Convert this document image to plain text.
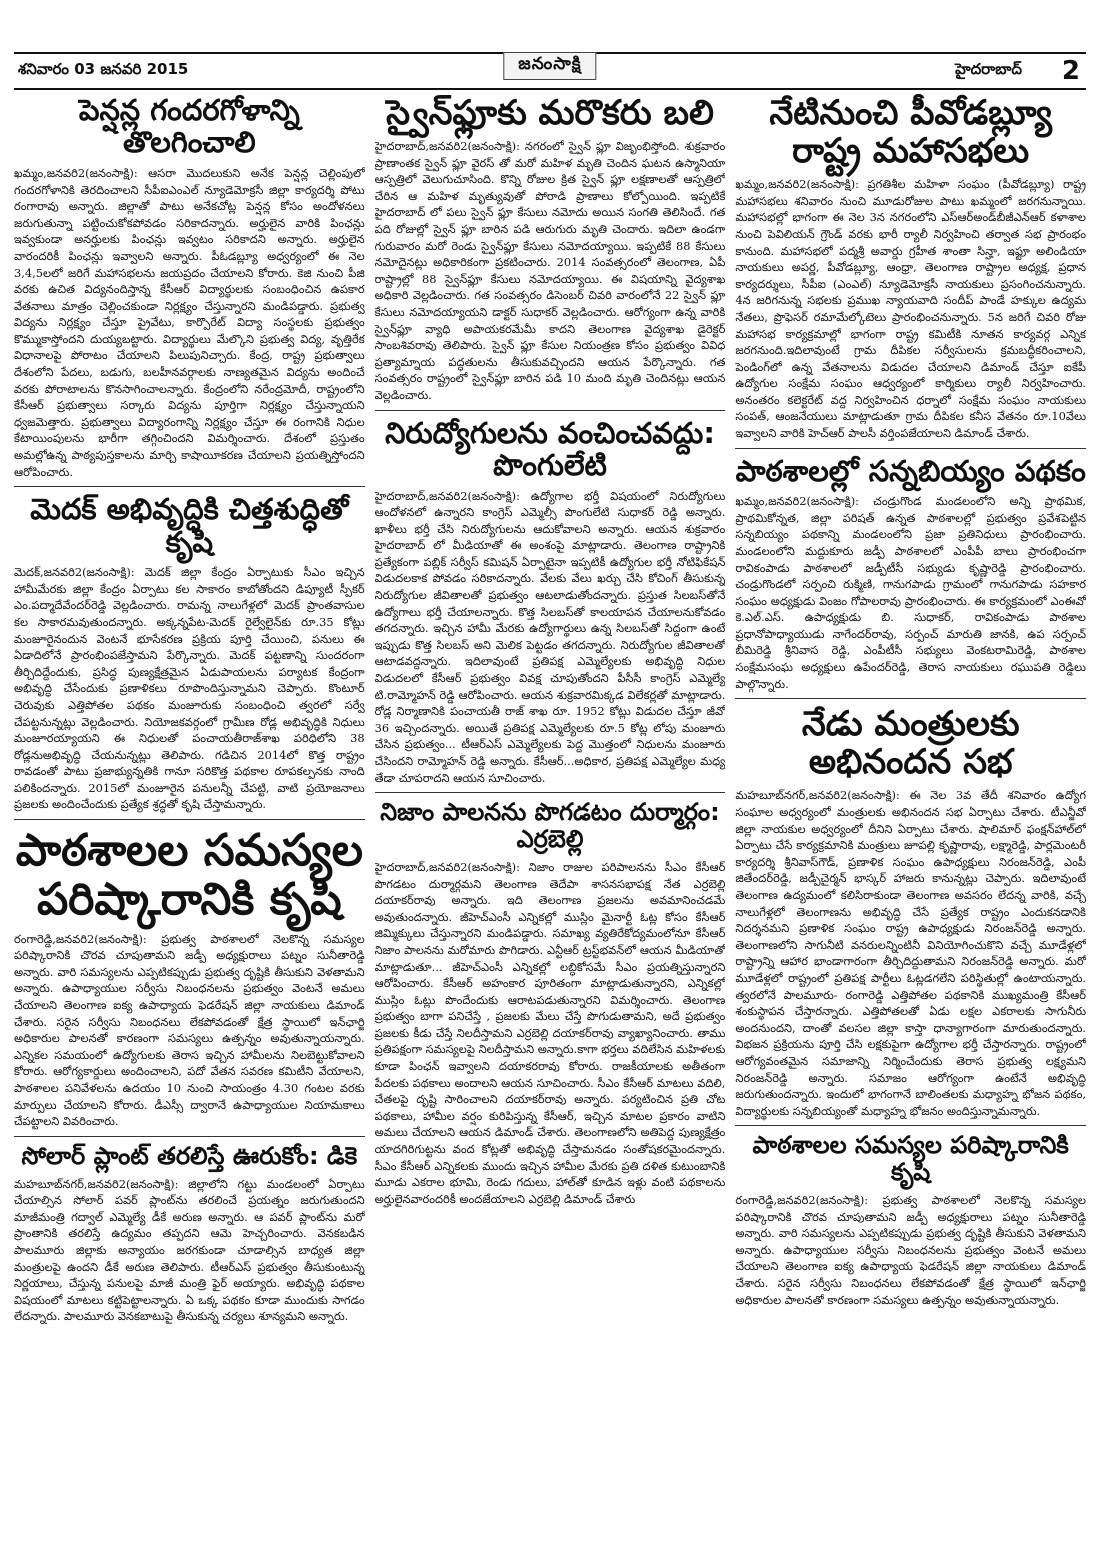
శనివారం 03 జనవరి 2015	జనంసాక్షి	హైదరాబాద్ 2
పెన్షన్ల గందరగోళాన్ని తొలగించాలి

ఖమ్మం,జనవరి2(జనంసాక్షి): ఆసరా మొదలుకుని అనేక పెన్షన్ల చెల్లింపులో గందరగోళానికి తెరదించాలని సీపీఐఎంఎల్ న్యూడెమోక్రసీ జిల్లా కార్యదర్శి పోటు రంగారావు అన్నారు. జిల్లాతో పాటు అనేకచోట్ల పెన్షన్ల కోసం అందోళనలు జరుగుతున్నా పట్టించుకోకపోవడం సరికాదన్నారు. అర్హులైన వారికి పింఛన్లు ఇవ్వకుండా అనర్హులకు పింఛన్లు ఇవ్వటం సరికాదని అన్నారు. అర్హులైన వారందరికీ పింఛన్లు ఇవ్వాలని అన్నారు. పీఓడబ్ల్యూ అధ్వర్యంలో ఈ నెల 3,4,5లలో జరిగే మహాసభలను జయప్రదం చేయాలని కోరారు. కెజి నుంచి పీజి వరకు ఉచిత విద్యనందిస్తాన్న కేసీఆర్ విద్యార్థులకు సంబంధించిన ఉపకార వేతనాలు మాత్రం చెల్లించకుండా నిర్లక్ష్యం చేస్తున్నారని మండిపడ్డారు. ప్రభుత్వ విద్యను నిర్లక్ష్యం చేస్తూ ప్రైవేటు, కార్పొరేట్ విద్యా సంస్థలకు ప్రభుత్వం కొమ్ముకాస్తోందని దుయ్యబట్టారు. విద్యార్థులు మేల్కొని ప్రభుత్వ విద్య, వృత్తిరేక విధానాలపై పోరాటం చేయాలని పిలుపునిచ్చారు. కేంద్ర, రాష్ట్ర ప్రభుత్వాలు దేశంలోని పేదలు, బడుగు, బలహీనవర్గాలకు నాణ్యతమైన విద్యను అందించే వరకు పోరాటాలను కొనసాగించాలన్నారు. కేంద్రంలోని నరేంద్రమోదీ, రాష్ట్రంలోని కేసీఆర్ ప్రభుత్వాలు సర్కారు విద్యను పూర్తిగా నిర్లక్ష్యం చేస్తున్నాయని ధ్వజమెత్తారు. ప్రభుత్వాలు విద్యారంగాన్ని నిర్లక్ష్యం చేస్తూ ఈ రంగానికి నిధుల కేటాయింపులను భారీగా తగ్గించిందని విమర్శించారు. దేశంలో ప్రస్తుతం అమల్లోఉన్న పాఠ్యపుస్తకాలను మార్చి కాషాయీకరణ చేయాలని ప్రయత్నిస్తోందని ఆరోపించారు.

మెదక్ అభివృద్ధికి చిత్తశుద్ధితో కృషి

మెదక్,జనవరి2(జనంసాక్షి): మెదక్ జిల్లా కేంద్రం ఏర్పాటుకు సీఎం ఇచ్చిన హామీమేరకు జిల్లా కేంద్రం ఏర్పాటు కల సాకారం కాబోతోందని డిప్యూటీ స్పీకర్ ఎం.పద్మాదేవేందర్‌రెడ్డి వెల్లడించారు. రామన్న నాలుగేళ్లలో మెదక్ ప్రాంతవాసుల కల సాకారమవుతుందన్నారు. అక్కన్నపేట-మెదక్ రైల్వేలైన్‌కు రూ.35 కోట్లు మంజూరైనందున వెంటనే భూసేకరణ ప్రక్రియ పూర్తి చేయించి, పనులు ఈ ఏడాదిలోనే ప్రారంభింపజేస్తామని పేర్కొన్నారు. మెదక్ పట్టణాన్ని సుందరంగా తీర్చిదిద్దేందుకు, ప్రసిద్ధ పుణ్యక్షేత్రమైన ఏడుపాయలను పర్యాటక కేంద్రంగా అభివృద్ధి చేసేందుకు ప్రణాళికలు రూపొందిస్తున్నామని చెప్పారు. కొంటూర్ చెరువుకు ఎత్తిపోతల పథకం మంజూరుకు సంబంధించి త్వరలో సర్వే చేపట్టనున్నట్లు వెల్లడించారు. నియోజకవర్గంలో గ్రామీణ రోడ్ల అభివృద్ధికి నిధులు మంజూరయ్యాయని ఈ నిధులతో పంచాయతీరాజ్‌శాఖ పరిధిలోని 38 రోడ్లనుఅభివృద్ధి చేయనున్నట్లు తెలిపారు. గడిచిన 2014లో కొత్త రాష్ట్రం రావడంతో పాటు ప్రజాభ్యున్నతికి గానూ సరికొత్త పథకాల రూపకల్పనకు నాంది పలికిందన్నారు. 2015లో మంజూరైన పనులన్నీ చేపట్టి, వాటి ప్రయోజనాలు ప్రజలకు అందించేందుకు ప్రత్యేక శ్రద్ధతో కృషి చేస్తామన్నారు.

పాఠశాలల సమస్యల పరిష్కారానికి కృషి

రంగారెడ్డి,జనవరి2(జనంసాక్షి): ప్రభుత్వ పాఠశాలలో నెలకొన్న సమస్యల పరిష్కారానికి చొరవ చూపుతామని జడ్పీ అధ్యక్షురాలు పట్నం సునీతారెడ్డి అన్నారు. వారి సమస్యలను ఎప్పటికప్పుడు ప్రభుత్వ దృష్టికి తీసుకుని వెళతామని అన్నారు. ఉపాధ్యాయుల సర్వీసు నిబంధనలను ప్రభుత్వం వెంటనే అమలు చేయాలని తెలంగాణ ఐక్య ఉపాధ్యాయ ఫెడరేషన్ జిల్లా నాయకులు డిమాండ్ చేశారు. సరైన సర్వీసు నిబంధనలు లేకపోవడంతో క్షేత్ర స్థాయిలో ఇన్‌ఛార్జి అధికారుల పాలనతో కారణంగా సమస్యలు ఉత్పన్నం అవుతున్నాయన్నారు. ఎన్నికల సమయంలో ఉద్యోగులకు తెరాస ఇచ్చిన హామీలను నిలబెట్టుకోవాలని కోరారు. ఆరోగ్యకార్డులు అందించాలని, పదో వేతన సవరణ కమిటీని వేయాలని, పాఠశాలల పనివేళలను ఉదయం 10 నుంచి సాయంత్రం 4.30 గంటల వరకు మార్పులు చేయాలని కోరారు. డీఎస్సీ ద్వారానే ఉపాధ్యాయుల నియామకాలు చేపట్టాలని వివరించారు.

సోలార్ ప్లాంట్ తరలిస్తే ఊరుకోం: డికె

మహబూబ్‌నగర్,జనవరి2(జనంసాక్షి): జిల్లాలోని గట్టు మండలంలో ఏర్పాటు చేయాల్సిన సోలార్ పవర్ ప్లాంట్‌ను తరలించే ప్రయత్నం జరుగుతుందని మాజీమంత్రి గద్వాల్ ఎమ్మెల్యే డీకే అరుణ అన్నారు. ఆ పవర్ ప్లాంట్‌ను మరో ప్రాంతానికి తరలిస్తే ఉద్యమం తప్పదని ఆమె హెచ్చరించారు. వెనకబడిన పాలమూరు జిల్లాకు అన్యాయం జరగకుండా చూడాల్సిన బాధ్యత జిల్లా మంత్రులపై ఉందని డీకే అరుణ తెలిపారు. టీఆర్‌ఎస్ ప్రభుత్వం తీసుకుంటున్న నిర్ణయాలు, చేస్తున్న పనులపై మాజీ మంత్రి ఫైర్ అయ్యారు. అభివృద్ధి పథకాల విషయంలో మాటలు కట్టిపెట్టాలన్నారు. ఏ ఒక్క పథకం కూడా ముందుకు సాగడం లేదన్నారు. పాలమూరు వెనకబాటుపై తీసుకున్న చర్యలు శూన్యమని అన్నారు.

స్వైన్‌ఫ్లూకు మరొకరు బలి

హైదరాబాద్,జనవరి2(జనంసాక్షి): నగరంలో స్వైన్ ఫ్లూ విజృంభిస్తోంది. శుక్రవారం ప్రాణాంతక స్వైన్ ఫ్లూ వైరస్ తో మరో మహిళ మృతి చెందిన ఘటన ఉస్మానియా ఆస్పత్రిలో వెలుగుచూసింది. కొన్ని రోజుల క్రిత స్వైన్ ఫ్లూ లక్షణాలతో ఆస్పత్రిలో చేరిన ఆ మహిళ మృత్యువుతో పోరాడి ప్రాణాలు కోల్పోయింది. ఇప్పటికే హైదరాబాద్ లో పలు స్వైన్ ఫ్లూ కేసులు నమోదు అయిన సంగతి తెలిసిందే. గత పది రోజుల్లో స్వైన్ ఫ్లూ బారిన పడి ఆరుగురు మృతి చెందారు. ఇదిలా ఉండగా గురువారం మరో రెండు స్వైన్‌ఫ్లూ కేసులు నమోదయ్యాయి. ఇప్పటికే 88 కేసులు నమోదైనట్లు అధికారికంగా ప్రకటించారు. 2014 సంవత్సరంలో తెలంగాణ, ఏపీ రాష్ట్రాల్లో 88 స్వైన్‌ఫ్లూ కేసులు నమోదయ్యాయి. ఈ విషయాన్ని వైద్యశాఖ అధికారి వెల్లడించారు. గత సంవత్సరం డిసెంబర్ చివరి వారంలోనే 22 స్వైన్ ఫ్లూ కేసులు నమోదయ్యాయని డాక్టర్ సుధాకర్ వెల్లడించారు. ఆరోగ్యంగా ఉన్న వారికి స్వైన్‌ఫ్లూ వ్యాధి అపాయకరమేమీ కాదని తెలంగాణ వైద్యశాఖ డైరెక్టర్ సాంబశివరావు తెలిపారు. స్వైన్ ఫ్లూ కేసుల నియంత్రణ కోసం ప్రభుత్వం వివిధ ప్రత్యామ్నాయ పద్ధతులను తీసుకువచ్చిందని ఆయన పేర్కొన్నారు. గత సంవత్సరం రాష్ట్రంలో స్వైన్‌ఫ్లూ బారిన పడి 10 మంది మృతి చెందినట్లు ఆయన వెల్లడించారు.

నిరుద్యోగులను వంచించవద్దు: పొంగులేటి

హైదరాబాద్,జనవరి2(జనంసాక్షి): ఉద్యోగాల భర్తీ విషయంలో నిరుద్యోగులు ఆందోళనలో ఉన్నారని కాంగ్రెస్ ఎమ్మెల్సీ పొంగులేటి సుధాకర్ రెడ్డి అన్నారు. ఖాళీలు భర్తీ చేసి నిరుద్యోగులను ఆదుకోవాలని అన్నారు. ఆయన శుక్రవారం హైదరాబాద్ లో మీడియాతో ఈ అంశంపై మాట్లాడారు. తెలంగాణ రాష్ట్రానికి ప్రత్యేకంగా పబ్లిక్ సర్వీస్ కమిషన్ ఏర్పాటైనా ఇప్పటికీ ఉద్యోగుల భర్తీ నోటిఫికేషన్ విడుదలకాక పోవడం సరికాదన్నారు. వేలకు వేలు ఖర్చు చేసి కోచింగ్ తీసుకున్న నిరుద్యోగుల జీవితాలతో ప్రభుత్వం ఆటలాడుతోందన్నారు. ప్రస్తుత సిలబస్‌తోనే ఉద్యోగాలు భర్తీ చేయాలన్నారు. కొత్త సిలబస్‌తో కాలయాపన చేయాలనుకోవడం తగదన్నారు. ఇచ్చిన హామీ మేరకు ఉద్యోగార్థులు ఉన్న సిలబస్‌తో సిద్దంగా ఉంటే ఇప్పుడు కొత్త సిలబస్ అని మెలిక పెట్టడం తగదన్నారు. నిరుద్యోగుల జీవితాలతో ఆటాడవద్దన్నారు. ఇదిలావుంటే ప్రతిపక్ష ఎమ్మెల్యేలకు అభివృద్ధి నిధుల విడుదలలో కేసీఆర్ ప్రభుత్వం వివక్ష చూపుతోందని పీసీసీ కాంగ్రెస్ ఎమ్మెల్యే టి.రామ్మోహన్ రెడ్డి ఆరోపించారు. ఆయన శుక్రవారమిక్కడ విలేకర్లతో మాట్లాడారు. రోడ్ల నిర్మాణానికి పంచాయతీ రాజ్ శాఖ రూ. 1952 కోట్లు విడుదల చేస్తూ జీవో 36 ఇచ్చిందన్నారు. అయితే ప్రతిపక్ష ఎమ్మెల్యేలకు రూ.5 కోట్ల లోపు మంజూరు చేసిన ప్రభుత్వం... టీఆర్‌ఎస్ ఎమ్మెల్యేలకు పెద్ద మొత్తంలో నిధులను మంజూరు చేసిందని రామ్మోహన్ రెడ్డి అన్నారు. కేసీఆర్...అధికార, ప్రతిపక్ష ఎమ్మెల్యేల మధ్య తేడా చూపరాదని ఆయన సూచించారు.

నిజాం పాలనను పొగడటం దుర్మార్గం: ఎర్రబెల్లి

హైదరాబాద్,జనవరి2(జనంసాక్షి): నిజాం రాజుల పరిపాలనను సీఎం కేసీఆర్ పొగడటం దుర్మార్గమని తెలంగాణ తెదేపా శాసనసభాపక్ష నేత ఎర్రబెల్లి దయాకర్‌రావు అన్నారు. ఇది తెలంగాణ ప్రజలను అవమానించడమే అవుతుందన్నారు. జీహెచ్ఎంసీ ఎన్నికల్లో ముస్లిం మైనార్టీ ఓట్ల కోసం కేసీఆర్ జిమ్మిక్కులు చేస్తున్నారని మండిపడ్డారు. సమాఖ్య వ్యతిరేకోద్యమంలోనూ కేసీఆర్ నిజాం పాలనను మరోమారు పొగిడారు. ఎన్టీఆర్ ట్రస్ట్‌భవన్‌లో ఆయన మీడియాతో మాట్లాడుతూ... జీహెచ్ఎంసీ ఎన్నికల్లో లబ్ధికోసమే సీఎం ప్రయత్నిస్తున్నారని ఆరోపించారు. కేసీఆర్ అహంకార పూరితంగా మాట్లాడుతున్నారని, ఎన్నికల్లో ముస్లిం ఓట్లు పొందేందుకు ఆరాటపడుతున్నారని విమర్శించారు. తెలంగాణ ప్రభుత్వం బాగా పనిచేస్తే , ప్రజలకు మేలు చేస్తే పొగుడుతామని, అదే ప్రభుత్వం ప్రజలకు కీడు చేస్తే నిలదీస్తామని ఎర్రబెల్లి దయాకర్‌రావు వ్యాఖ్యానించారు. తాము ప్రతిపక్షంగా సమస్యలపై నిలదీస్తామని అన్నారు.కాగా భర్తలు వదిలేసిన మహిళలకు కూడా పింఛన్ ఇవ్వాలని దయాకరరావు కోరారు. రాజకీయాలకు అతీతంగా పేదలకు పథకాలు అందాలని ఆయన సూచించారు. సీఎం కేసీఆర్ మాటలు వదిలి, చేతలపై దృష్టి సారించాలని దయాకర్‌రావు అన్నారు. పర్యటించిన ప్రతి చోట పథకాలు, హామీల వర్షం కురిపిస్తున్న కేసీఆర్, ఇచ్చిన మాటల ప్రకారం వాటిని అమలు చేయాలని ఆయన డిమాండ్ చేశారు. తెలంగాణలోని అతిపెద్ద పుణ్యక్షేత్రం యాదగిరిగుట్టను వంద కోట్లతో అభివృద్ధి చేస్తామనడం సంతోషకరమైందన్నారు. సీఎం కేసీఆర్ ఎన్నికలకు ముందు ఇచ్చిన హామీల మేరకు ప్రతి దళిత కుటుంబానికి మూడు ఎకరాల భూమి, రెండు గదులు, హాల్‌తో కూడిన ఇళ్లు వంటి పథకాలను అర్హులైనవారందరికీ అందజేయాలని ఎర్రబెల్లి డిమాండ్ చేశారు

నేటినుంచి పీవోడబ్ల్యూ రాష్ట్ర మహాసభలు

ఖమ్మం,జనవరి2(జనంసాక్షి): ప్రగతిశీల మహిళా సంఘం (పీవోడబ్ల్యూ) రాష్ట్ర మహాసభలు శనివారం నుంచి మూడురోజుల పాటు ఖమ్మంలో జరగనున్నాయి. మహాసభల్లో భాగంగా ఈ నెల 3న నగరంలోని ఎస్ఆర్అండ్‌బీజీఎన్ఆర్ కళాశాల నుంచి పెవిలియన్ గ్రౌండ్ వరకు భారీ ర్యాలీ నిర్వహించి తర్వాత సభ ప్రారంభం కానుంది. మహాసభలో పద్మశ్రీ అవార్డు గ్రహీత శాంతా సిన్హా, ఇఫ్టూ అలిండియా నాయకులు అపర్ణ, పీవోడబ్ల్యూ, ఆంధ్రా, తెలంగాణ రాష్ట్రాల అధ్యక్ష, ప్రధాన కార్యదర్శులు, సీపీఐ (ఎంఎల్) న్యూడెమోక్రసీ నాయకులు ప్రసంగించనున్నారు. 4న జరిగనున్న సభలకు ప్రముఖ న్యాయవాది సందీప్ పాండే హక్కుల ఉద్యమ నేతలు, ప్రొఫెసర్ రమామేల్కోటెలు ప్రారంభించనున్నారు. 5న జరిగే చివరి రోజు మహాసభ కార్యక్రమాల్లో భాగంగా రాష్ట్ర కమిటీకి నూతన కార్యవర్గ ఎన్నిక జరగనుంది.ఇదిలావుంటే గ్రామ దీపికల సర్వీసులను క్రమబద్ధీకరించాలని, పెండింగ్‌లో ఉన్న వేతనాలను విడుదల చేయాలని డిమాండ్ చేస్తూ ఐకేపీ ఉద్యోగుల సంక్షేమ సంఘం ఆధ్వర్యంలో కార్మికులు ర్యాలీ నిర్వహించారు. అనంతరం కలెక్టరేట్ వద్ద నిర్వహించిన ధర్నాలో సంక్షేమ సంఘం నాయకులు సంపత్, ఆంజనేయులు మాట్లాడుతూ గ్రామ దీపికల కనీస వేతనం రూ.10వేలు ఇవ్వాలని వారికి హెచ్ఆర్ పాలసీ వర్తింపజేయాలని డిమాండ్ చేశారు.

పాఠశాలల్లో సన్నబియ్యం పథకం

ఖమ్మం,జనవరి2(జనంసాక్షి): చండ్రుగొండ మండలంలోని అన్ని ప్రాథమిక, ప్రాథమికోన్నత, జిల్లా పరిషత్ ఉన్నత పాఠశాలల్లో ప్రభుత్వం ప్రవేశపెట్టిన సన్నబియ్యం పథకాన్ని మండలంలోని ప్రజా ప్రతినిధులు ప్రారంభించారు. మండలంలోని మద్దుకూరు జడ్పీ పాఠశాలలో ఎంపీపీ బాలు ప్రారంభించగా రావికంపాడు పాఠశాలలో జడ్పీటీసీ సభ్యుడు కృష్ణారెడ్డి ప్రారంభించారు. చండ్రుగొండలో సర్పంచి రుక్మిణి, గానుగపాడు గ్రామంలో గానుగపాడు సహకార సంఘం అధ్యక్షుడు వింజం గోపాలరావు ప్రారంభించారు. ఈ కార్యక్రమంలో ఎంఈవో కె.ఎల్.ఎస్. ఉపాధ్యక్షుడు బి. సుధాకర్, రావికంపాడు పాఠశాల ప్రధానోపాధ్యాయుడు నాగేందర్‌రావు, సర్పంచ్ మారుతి జానకి, ఉప సర్పంచ్ బీమిరెడ్డి శ్రీనివాస రెడ్డి, ఎంపీటీసీ సభ్యులు వెంకటరామిరెడ్డి, పాఠశాల సంక్షేమసంఘ అధ్యక్షులు ఉపేందర్‌రెడ్డి, తెరాస నాయకులు రఘుపతి రెడ్డిలు పాల్గొన్నారు.

నేడు మంత్రులకు అభినందన సభ

మహబూబ్‌నగర్,జనవరి2(జనంసాక్షి): ఈ నెల 3వ తేదీ శనివారం ఉద్యోగ సంఘాల అధ్వర్యంలో మంత్రులకు అభినందన సభ ఏర్పాటు చేశారు. టీఎన్జీవో జిల్లా నాయకుల అధ్వర్యంలో దీనిని ఏర్పాటు చేశారు. షాలిమార్ ఫంక్షన్‌హాల్‌లో ఏర్పాటు చేసే కార్యక్రమానికి మంత్రులు జూపల్లి కృష్ణారావు, లక్ష్మారెడ్డి, పార్లమెంటరీ కార్యదర్శి శ్రీనివాస్‌గౌడ్, ప్రణాళిక సంఘం ఉపాధ్యక్షులు నిరంజన్‌రెడ్డి, ఎంపీ జితేందర్‌రెడ్డి, జడ్పీచైర్మన్ భాస్కర్ హాజరు కానున్నట్లు చెప్పారు. ఇదిలావుంటే తెలంగాణ ఉద్యమంలో కలిసిరాకుండా తెలంగాణ అవసరం లేదన్న వారికి, వచ్చే నాలుగేళ్లలో తెలంగాణను అభివృద్ధి చేసే ప్రత్యేక రాష్ట్రం ఎందుకనడానికి నిదర్శనమని ప్రణాళిక సంఘం రాష్ట్ర ఉపాధ్యక్షుడు నిరంజన్‌రెడ్డి అన్నారు. తెలంగాణలోని సాగునీటి వనరులన్నింటినీ వినియోగించుకొని వచ్చే మూడేళ్లలో రాష్ట్రాన్ని ఆహార భాండాగారంగా తీర్చిదిద్దుతామని నిరంజన్‌రెడ్డి అన్నారు. మరో మూడేళ్లలో రాష్ట్రంలో ప్రతిపక్ష పార్టీలు ఓట్లడగలేని పరిస్థితుల్లో ఉంటాయన్నారు. త్వరలోనే పాలమూరు- రంగారెడ్డి ఎత్తిపోతల పథకానికి ముఖ్యమంత్రి కేసీఆర్ శంకుస్థాపన చేస్తారన్నారు. ఎత్తిపోతలతో ఏడు లక్షల ఎకరాలకు సాగునీరు అందనుందని, దాంతో వలసల జిల్లా కాస్తా ధాన్యాగారంగా మారుతుందన్నారు. విభజన ప్రక్రియను పూర్తి చేసి లక్షకుపైగా ఉద్యోగాల భర్తీ చేస్తారన్నారు. రాష్ట్రంలో ఆరోగ్యవంతమైన సమాజాన్ని నిర్మించేందుకు తెరాస ప్రభుత్వ లక్ష్యమని నిరంజన్‌రెడ్డి అన్నారు. సమాజం ఆరోగ్యంగా ఉంటేనే అభివృద్ధి జరుగుతుందన్నారు. ఇందులో భాగంగానే బాలింతలకు మధ్యాహ్న భోజన పథకం, విద్యార్థులకు సన్నబియ్యంతో మధ్యాహ్న భోజనం అందిస్తున్నామన్నారు.

పాఠశాలల సమస్యల పరిష్కారానికి కృషి

రంగారెడ్డి,జనవరి2(జనంసాక్షి): ప్రభుత్వ పాఠశాలలో నెలకొన్న సమస్యల పరిష్కారానికి చొరవ చూపుతామని జడ్పీ అధ్యక్షురాలు పట్నం సునీతారెడ్డి అన్నారు. వారి సమస్యలను ఎప్పటికప్పుడు ప్రభుత్వ దృష్టికి తీసుకుని వెళతామని అన్నారు. ఉపాధ్యాయుల సర్వీసు నిబంధనలను ప్రభుత్వం వెంటనే అమలు చేయాలని తెలంగాణ ఐక్య ఉపాధ్యాయ ఫెడరేషన్ జిల్లా నాయకులు డిమాండ్ చేశారు. సరైన సర్వీసు నిబంధనలు లేకపోవడంతో క్షేత్ర స్థాయిలో ఇన్‌ఛార్జి అధికారుల పాలనతో కారణంగా సమస్యలు ఉత్పన్నం అవుతున్నాయన్నారు.
